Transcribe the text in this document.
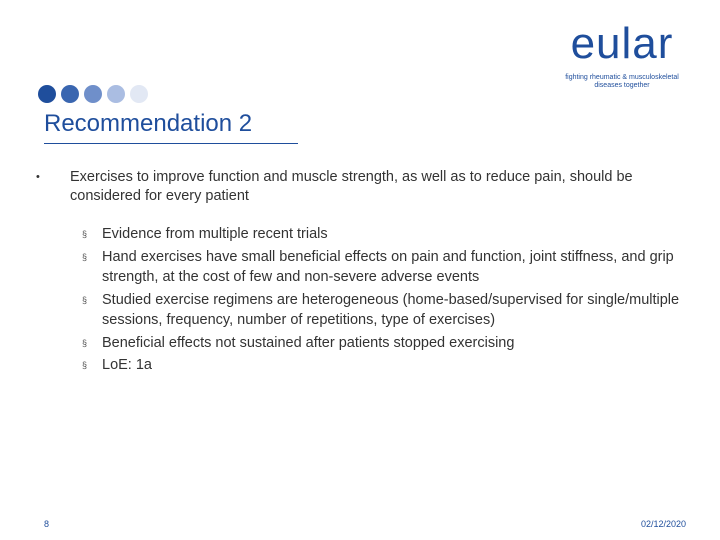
eular
fighting rheumatic & musculoskeletal diseases together
Recommendation 2
•	Exercises to improve function and muscle strength, as well as to reduce pain, should be considered for every patient
§	Evidence from multiple recent trials
§	Hand exercises have small beneficial effects on pain and function, joint stiffness, and grip strength, at the cost of few and non-severe adverse events
§	Studied exercise regimens are heterogeneous (home-based/supervised for single/multiple sessions, frequency, number of repetitions, type of exercises)
§	Beneficial effects not sustained after patients stopped exercising
§	LoE: 1a
8	02/12/2020
